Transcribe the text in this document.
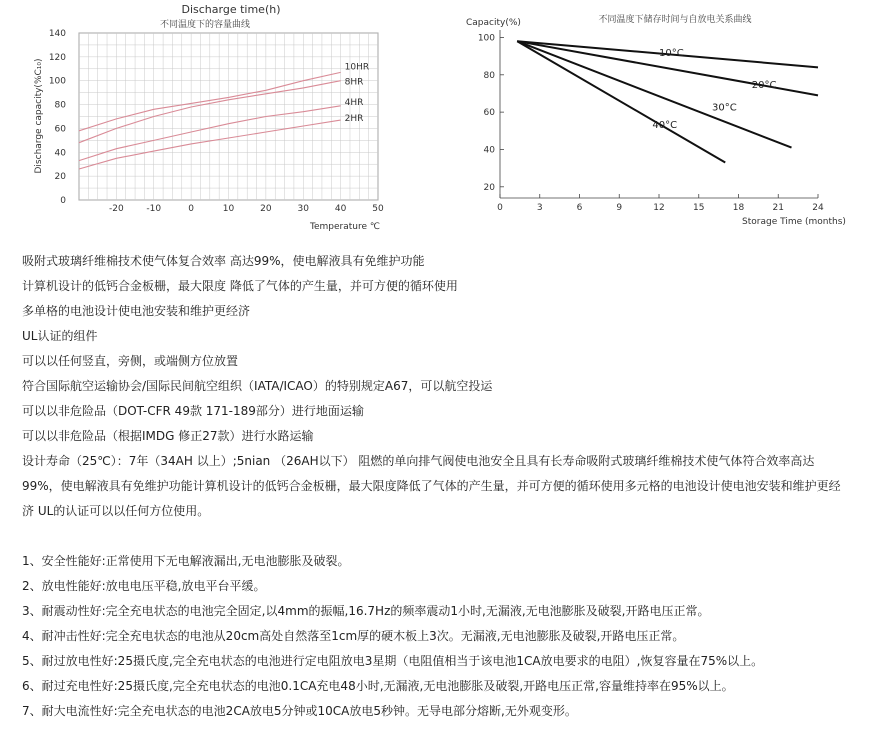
Discharge time(h)
不同温度下的容量曲线
10HR
8HR
4HR
2HR
-20	-10	0	10	20	30	40	50
0
20
40
60
80
100
120
140
Temperature ℃
Discharge capacity(%C₁₀)
不同温度下储存时间与自放电关系曲线
Capacity(%)
0	3	6	9	12	15	18	21	24
20
40
60
80
100
10°C
20°C
30°C
40°C
Storage Time (months)
吸附式玻璃纤维棉技术使气体复合效率 高达99%，使电解液具有免维护功能
计算机设计的低钙合金板栅，最大限度 降低了气体的产生量，并可方便的循环使用
多单格的电池设计使电池安装和维护更经济
UL认证的组件
可以以任何竖直，旁侧，或端侧方位放置
符合国际航空运输协会/国际民间航空组织（IATA/ICAO）的特别规定A67，可以航空投运
可以以非危险品（DOT-CFR 49款 171-189部分）进行地面运输
可以以非危险品（根据IMDG 修正27款）进行水路运输
设计寿命（25℃）：7年（34AH 以上）;5nian （26AH以下） 阻燃的单向排气阀使电池安全且具有长寿命吸附式玻璃纤维棉技术使气体符合效率高达99%，使电解液具有免维护功能计算机设计的低钙合金板栅，最大限度降低了气体的产生量，并可方便的循环使用多元格的电池设计使电池安装和维护更经济 UL的认证可以以任何方位使用。
1、安全性能好:正常使用下无电解液漏出,无电池膨胀及破裂。
2、放电性能好:放电电压平稳,放电平台平缓。
3、耐震动性好:完全充电状态的电池完全固定,以4mm的振幅,16.7Hz的频率震动1小时,无漏液,无电池膨胀及破裂,开路电压正常。
4、耐冲击性好:完全充电状态的电池从20cm高处自然落至1cm厚的硬木板上3次。无漏液,无电池膨胀及破裂,开路电压正常。
5、耐过放电性好:25摄氏度,完全充电状态的电池进行定电阻放电3星期（电阻值相当于该电池1CA放电要求的电阻）,恢复容量在75%以上。
6、耐过充电性好:25摄氏度,完全充电状态的电池0.1CA充电48小时,无漏液,无电池膨胀及破裂,开路电压正常,容量维持率在95%以上。
7、耐大电流性好:完全充电状态的电池2CA放电5分钟或10CA放电5秒钟。无导电部分熔断,无外观变形。
